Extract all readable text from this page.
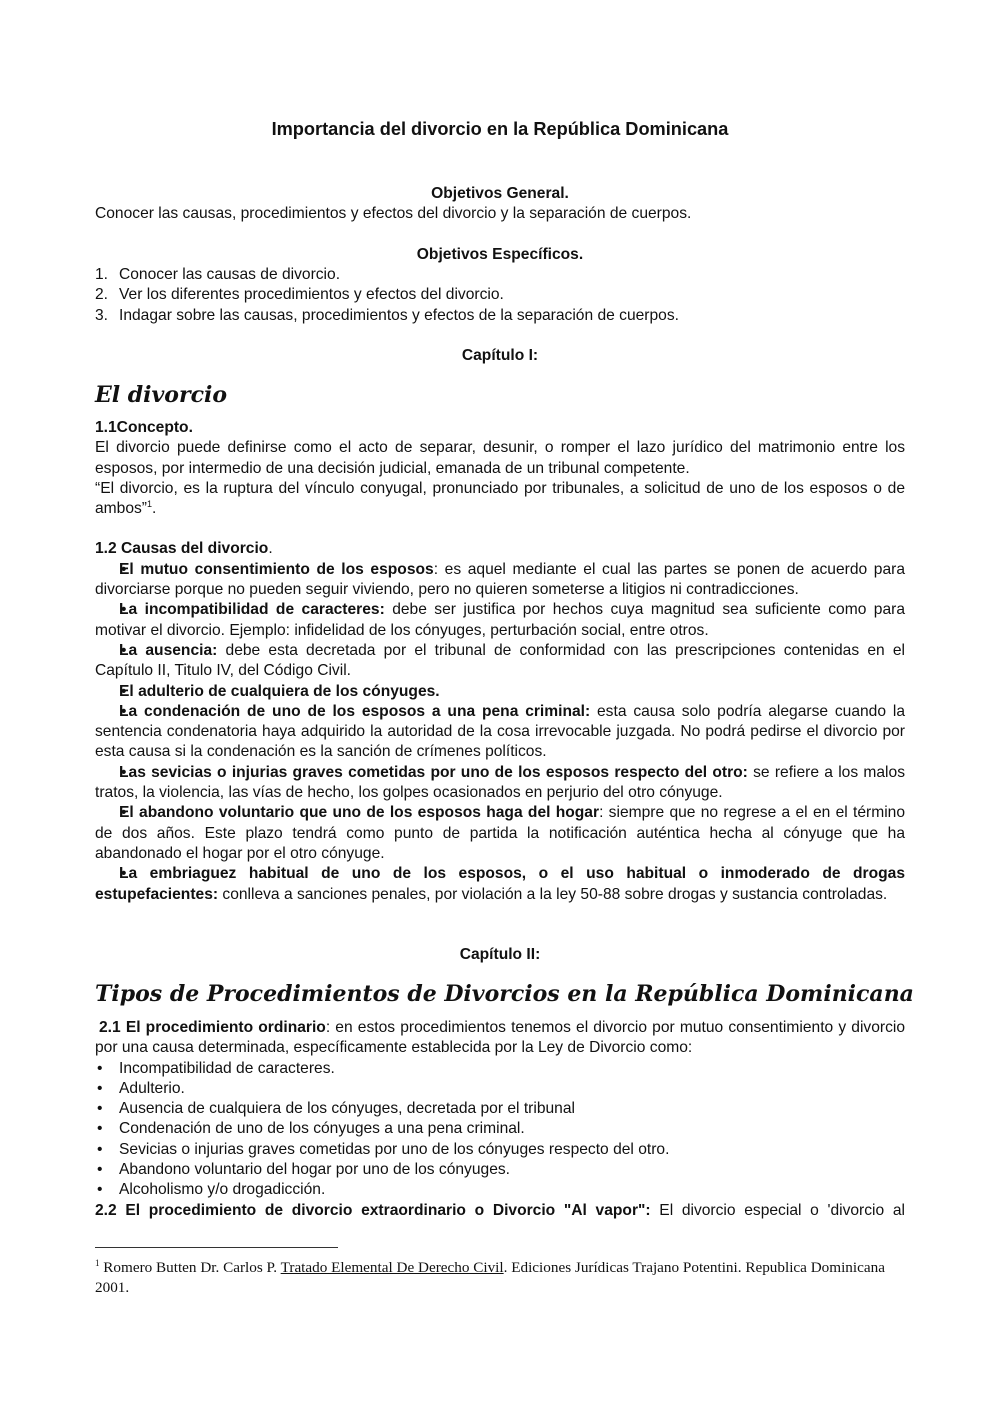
Importancia del divorcio en la República Dominicana
Objetivos General.
Conocer las causas, procedimientos y efectos del divorcio y la separación de cuerpos.
Objetivos Específicos.
1. Conocer las causas de divorcio.
2. Ver los diferentes procedimientos y efectos del divorcio.
3. Indagar sobre las causas, procedimientos y efectos de la separación de cuerpos.
Capítulo I:
El divorcio
1.1Concepto.
El divorcio puede definirse como el acto de separar, desunir, o romper el lazo jurídico del matrimonio entre los esposos, por intermedio de una decisión judicial, emanada de un tribunal competente.
“El divorcio, es la ruptura del vínculo conyugal, pronunciado por tribunales, a solicitud de uno de los esposos o de ambos”$^1$.
1.2 Causas del divorcio.
• El mutuo consentimiento de los esposos: es aquel mediante el cual las partes se ponen de acuerdo para divorciarse porque no pueden seguir viviendo, pero no quieren someterse a litigios ni contradicciones.
• La incompatibilidad de caracteres: debe ser justifica por hechos cuya magnitud sea suficiente como para motivar el divorcio. Ejemplo: infidelidad de los cónyuges, perturbación social, entre otros.
• La ausencia: debe esta decretada por el tribunal de conformidad con las prescripciones contenidas en el Capítulo II, Titulo IV, del Código Civil.
• El adulterio de cualquiera de los cónyuges.
• La condenación de uno de los esposos a una pena criminal: esta causa solo podría alegarse cuando la sentencia condenatoria haya adquirido la autoridad de la cosa irrevocable juzgada. No podrá pedirse el divorcio por esta causa si la condenación es la sanción de crímenes políticos.
• Las sevicias o injurias graves cometidas por uno de los esposos respecto del otro: se refiere a los malos tratos, la violencia, las vías de hecho, los golpes ocasionados en perjurio del otro cónyuge.
• El abandono voluntario que uno de los esposos haga del hogar: siempre que no regrese a el en el término de dos años. Este plazo tendrá como punto de partida la notificación auténtica hecha al cónyuge que ha abandonado el hogar por el otro cónyuge.
• La embriaguez habitual de uno de los esposos, o el uso habitual o inmoderado de drogas estupefacientes: conlleva a sanciones penales, por violación a la ley 50-88 sobre drogas y sustancia controladas.
Capítulo II:
Tipos de Procedimientos de Divorcios en la República Dominicana
2.1 El procedimiento ordinario: en estos procedimientos tenemos el divorcio por mutuo consentimiento y divorcio por una causa determinada, específicamente establecida por la Ley de Divorcio como:
• Incompatibilidad de caracteres.
• Adulterio.
• Ausencia de cualquiera de los cónyuges, decretada por el tribunal
• Condenación de uno de los cónyuges a una pena criminal.
• Sevicias o injurias graves cometidas por uno de los cónyuges respecto del otro.
• Abandono voluntario del hogar por uno de los cónyuges.
• Alcoholismo y/o drogadicción.
2.2 El procedimiento de divorcio extraordinario o Divorcio "Al vapor": El divorcio especial o 'divorcio al
$^1$ Romero Butten Dr. Carlos P. Tratado Elemental De Derecho Civil. Ediciones Jurídicas Trajano Potentini. Republica Dominicana 2001.
